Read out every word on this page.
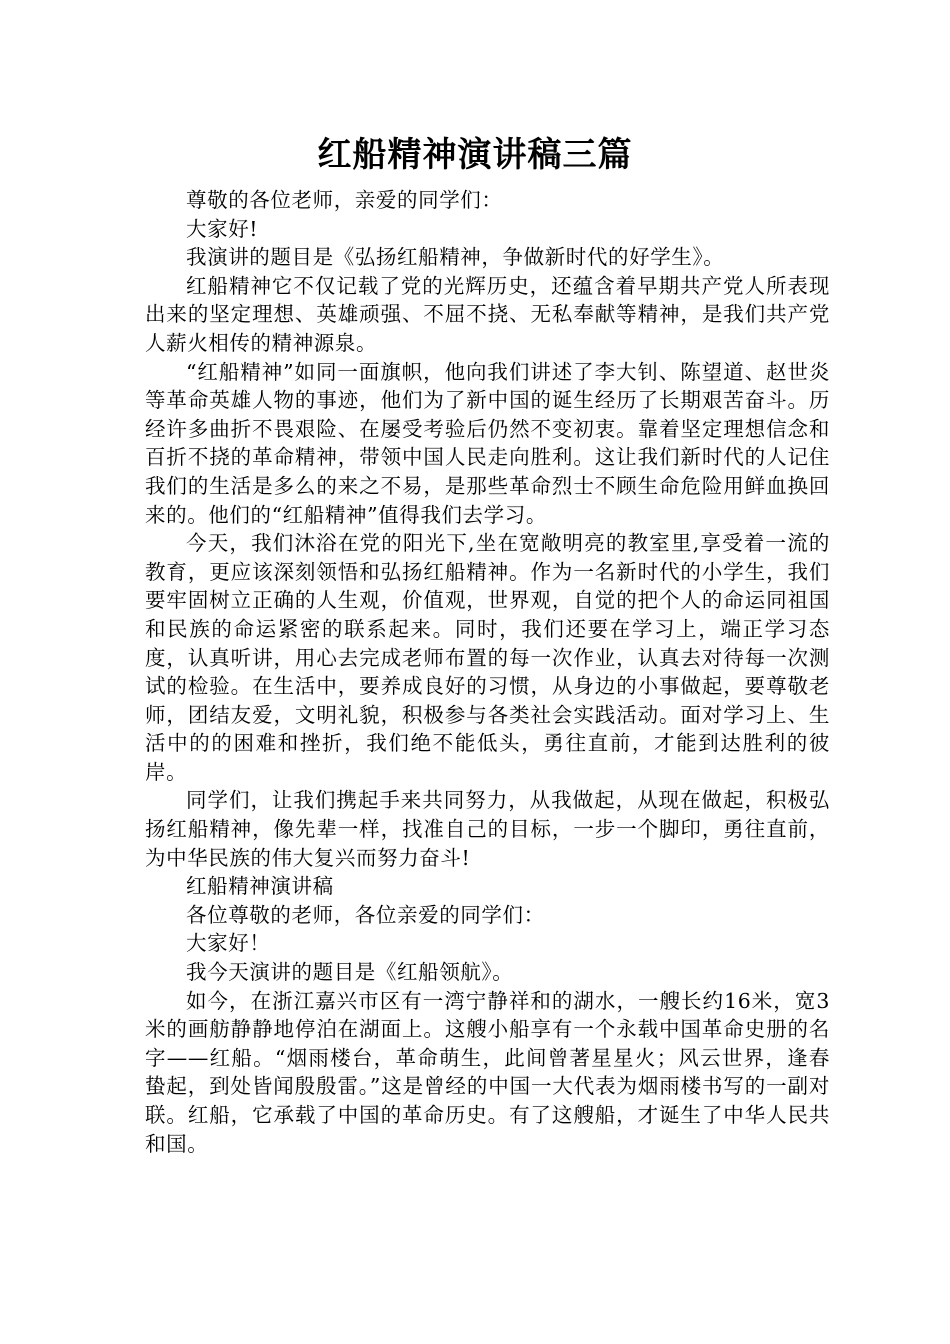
红船精神演讲稿三篇

尊敬的各位老师，亲爱的同学们：

大家好!

我演讲的题目是《弘扬红船精神，争做新时代的好学生》。

红船精神它不仅记载了党的光辉历史，还蕴含着早期共产党人所表现出来的坚定理想、英雄顽强、不屈不挠、无私奉献等精神，是我们共产党人薪火相传的精神源泉。

“红船精神”如同一面旗帜，他向我们讲述了李大钊、陈望道、赵世炎等革命英雄人物的事迹，他们为了新中国的诞生经历了长期艰苦奋斗。历经许多曲折不畏艰险、在屡受考验后仍然不变初衷。靠着坚定理想信念和百折不挠的革命精神，带领中国人民走向胜利。这让我们新时代的人记住我们的生活是多么的来之不易，是那些革命烈士不顾生命危险用鲜血换回来的。他们的“红船精神”值得我们去学习。

今天，我们沐浴在党的阳光下,坐在宽敞明亮的教室里,享受着一流的教育，更应该深刻领悟和弘扬红船精神。作为一名新时代的小学生，我们要牢固树立正确的人生观，价值观，世界观，自觉的把个人的命运同祖国和民族的命运紧密的联系起来。同时，我们还要在学习上，端正学习态度，认真听讲，用心去完成老师布置的每一次作业，认真去对待每一次测试的检验。在生活中，要养成良好的习惯，从身边的小事做起，要尊敬老师，团结友爱，文明礼貌，积极参与各类社会实践活动。面对学习上、生活中的的困难和挫折，我们绝不能低头，勇往直前，才能到达胜利的彼岸。

同学们，让我们携起手来共同努力，从我做起，从现在做起，积极弘扬红船精神，像先辈一样，找准自己的目标，一步一个脚印，勇往直前，为中华民族的伟大复兴而努力奋斗!

红船精神演讲稿

各位尊敬的老师，各位亲爱的同学们：

大家好！

我今天演讲的题目是《红船领航》。

如今，在浙江嘉兴市区有一湾宁静祥和的湖水，一艘长约16米，宽3米的画舫静静地停泊在湖面上。这艘小船享有一个永载中国革命史册的名字——红船。“烟雨楼台，革命萌生，此间曾著星星火；风云世界，逢春蛰起，到处皆闻殷殷雷。”这是曾经的中国一大代表为烟雨楼书写的一副对联。红船，它承载了中国的革命历史。有了这艘船，才诞生了中华人民共和国。
